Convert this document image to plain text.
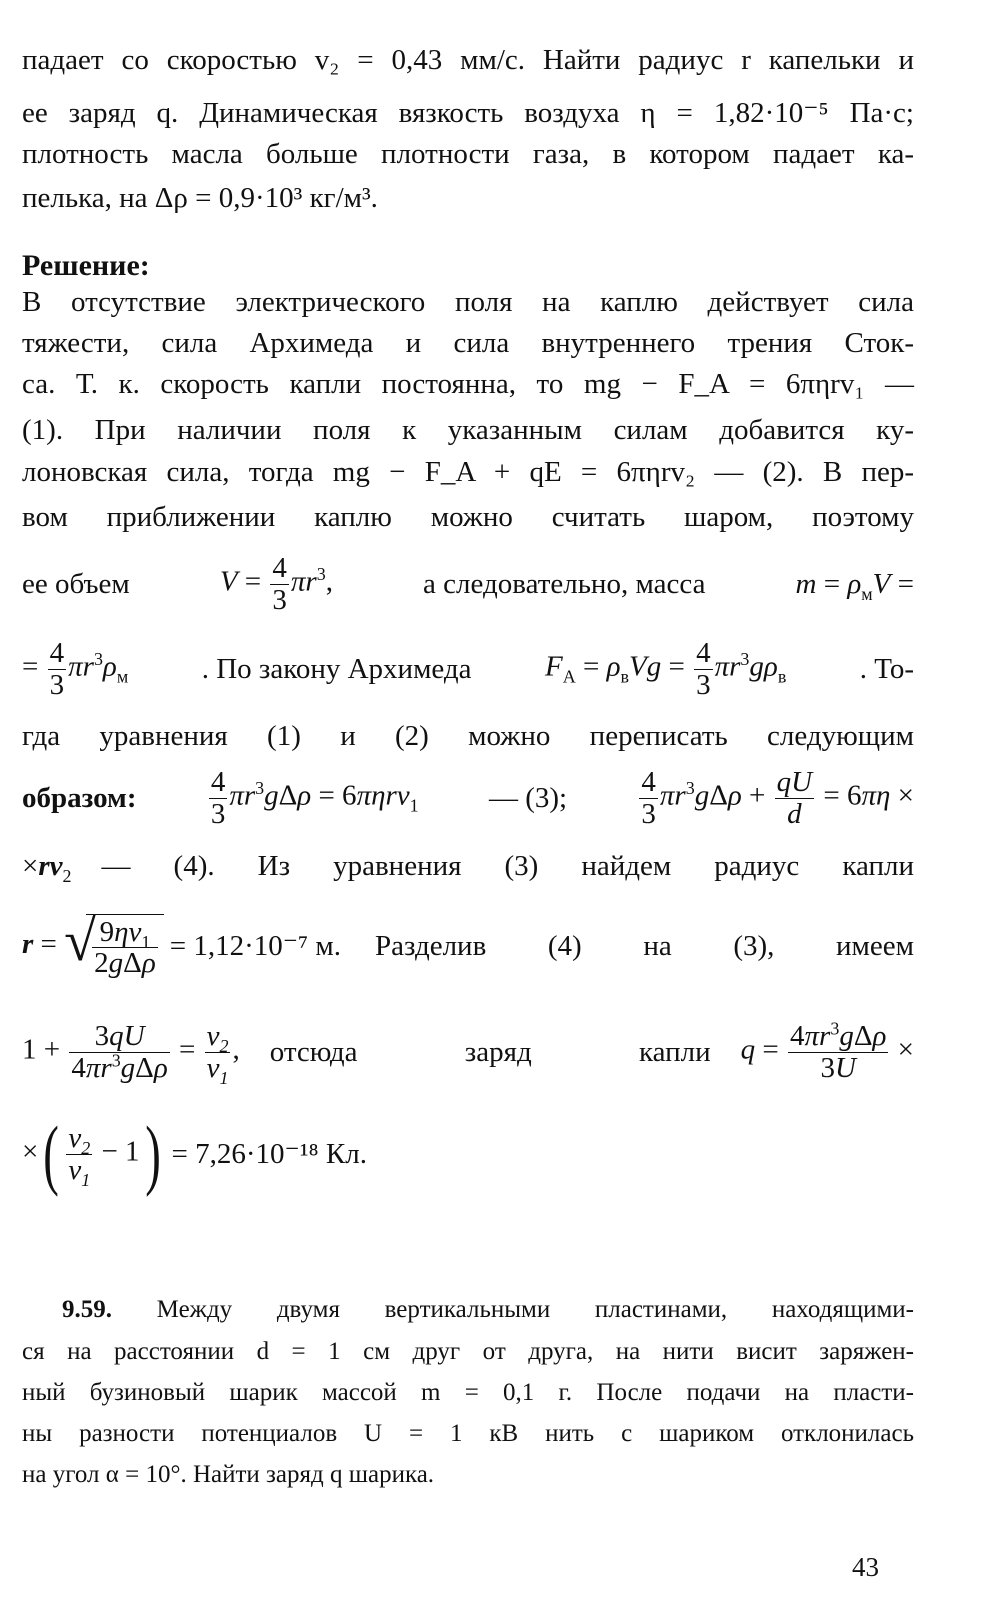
падает со скоростью v₂ = 0,43 мм/с. Найти радиус r капельки и
ее заряд q. Динамическая вязкость воздуха η = 1,82·10⁻⁵ Па·с;
плотность масла больше плотности газа, в котором падает ка-
пелька, на Δρ = 0,9·10³ кг/м³.
Решение:
В отсутствие электрического поля на каплю действует сила
тяжести, сила Архимеда и сила внутреннего трения Сток-
са. Т. к. скорость капли постоянна, то mg − F_A = 6πηrv₁ —
(1). При наличии поля к указанным силам добавится ку-
лоновская сила, тогда mg − F_A + qE = 6πηrv₂ — (2). В пер-
вом приближении каплю можно считать шаром, поэтому
ее объем	$V = \frac{4}{3} \pi r^3$,	а следовательно, масса	$m = \rho_мV$ =
= $\frac{4}{3} \pi r^3\rho_м$	. По закону Архимеда	$F_A = \rho_вVg = \frac{4}{3} \pi r^3g\rho_в$	. То-
гда уравнения (1) и (2) можно переписать следующим
образом: $\frac{4}{3} \pi r^3g\Delta\rho = 6\pi\eta rv_1$ — (3); $\frac{4}{3} \pi r^3g\Delta\rho + \frac{qU}{d} = 6\pi\eta$ ×
$\times rv_2$ — (4). Из уравнения (3) найдем радиус капли
r = √
$\frac{9\eta v_1}{\text{2gΔρ}} = 1,12\cdot 10^{-7}$ м. Разделив (4) на (3), имеем
$1 + \frac{3qU}{4\pi r^3g\Delta\rho} = \frac{v_2}{v_1}$ , отсюда заряд капли $q = \frac{4\pi r^3g\Delta\rho}{3U}$ ×
×( $\frac{v_2}{v_1} - 1) = 7,26\cdot 10^{-18}$ Кл.
9.59. Между двумя вертикальными пластинами, находящими-
ся на расстоянии d = 1 см друг от друга, на нити висит заряжен-
ный бузиновый шарик массой m = 0,1 г. После подачи на пласти-
ны разности потенциалов U = 1 кВ нить с шариком отклонилась
на угол α = 10°. Найти заряд q шарика.
43
